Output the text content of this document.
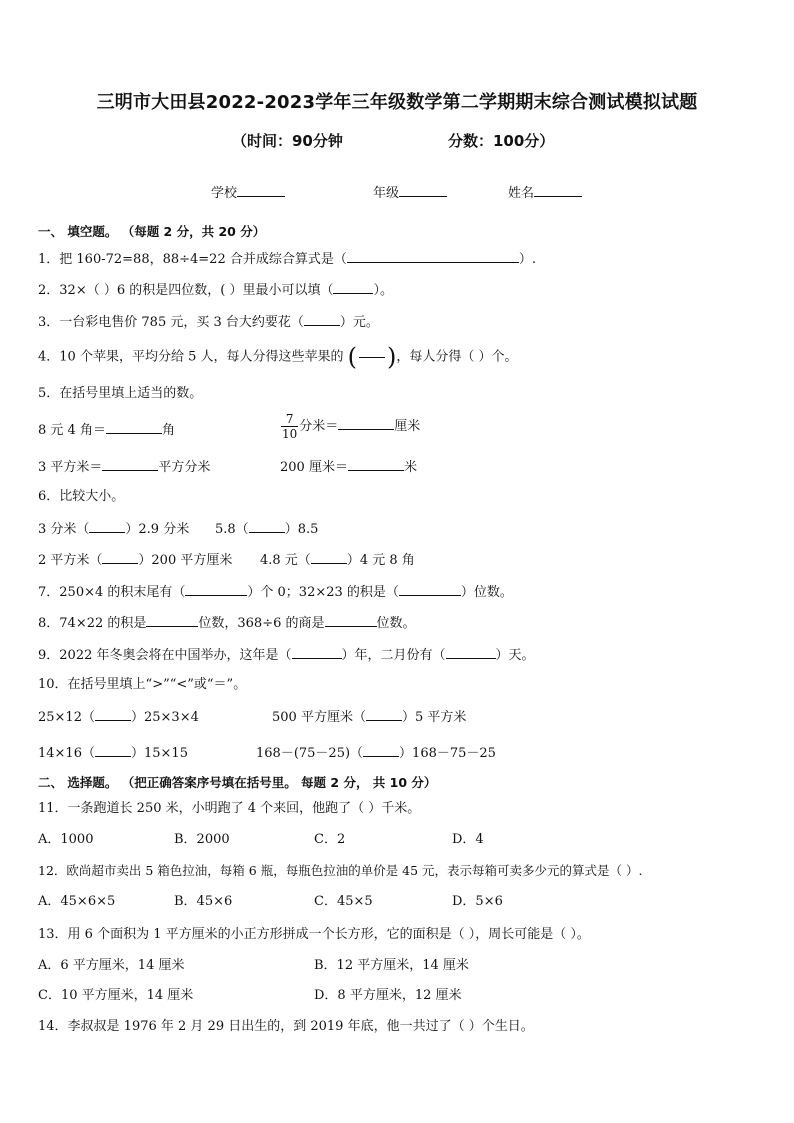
三明市大田县2022-2023学年三年级数学第二学期期末综合测试模拟试题
（时间：90分钟	分数：100分）
学校	年级	姓名
一、 填空题。 （每题 2 分，共 20 分）
1．把 160-72=88，88÷4=22 合并成综合算式是（	）.
2．32×（ ）6 的积是四位数，( ）里最小可以填（	）。
3．一台彩电售价 785 元，买 3 台大约要花（	）元。
4．10 个苹果，平均分给 5 人，每人分得这些苹果的 ( )，每人分得（ ）个。
5．在括号里填上适当的数。
8 元 4 角＝	角	$\frac{7}{10}$ 分米＝	厘米
3 平方米＝	平方分米	200 厘米＝	米
6．比较大小。
3 分米（	）2.9 分米 5.8（	）8.5
2 平方米（	）200 平方厘米 4.8 元（	）4 元 8 角
7．250×4 的积末尾有（	）个 0；32×23 的积是（	）位数。
8．74×22 的积是	位数，368÷6 的商是	位数。
9．2022 年冬奥会将在中国举办，这年是（	）年，二月份有（	）天。
10．在括号里填上“>”“<”或“＝”。
25×12（	）25×3×4	500 平方厘米（	）5 平方米
14×16（	）15×15	168－(75－25)（	）168－75－25
二、 选择题。 （把正确答案序号填在括号里。 每题 2 分， 共 10 分）
11．一条跑道长 250 米，小明跑了 4 个来回，他跑了（ ）千米。
A．1000	B．2000	C．2	D．4
12．欧尚超市卖出 5 箱色拉油，每箱 6 瓶，每瓶色拉油的单价是 45 元，表示每箱可卖多少元的算式是（ ）.
A．45×6×5	B．45×6	C．45×5	D．5×6
13．用 6 个面积为 1 平方厘米的小正方形拼成一个长方形，它的面积是（ ），周长可能是（ ）。
A．6 平方厘米，14 厘米	B．12 平方厘米，14 厘米
C．10 平方厘米，14 厘米	D．8 平方厘米，12 厘米
14．李叔叔是 1976 年 2 月 29 日出生的，到 2019 年底，他一共过了（ ）个生日。
